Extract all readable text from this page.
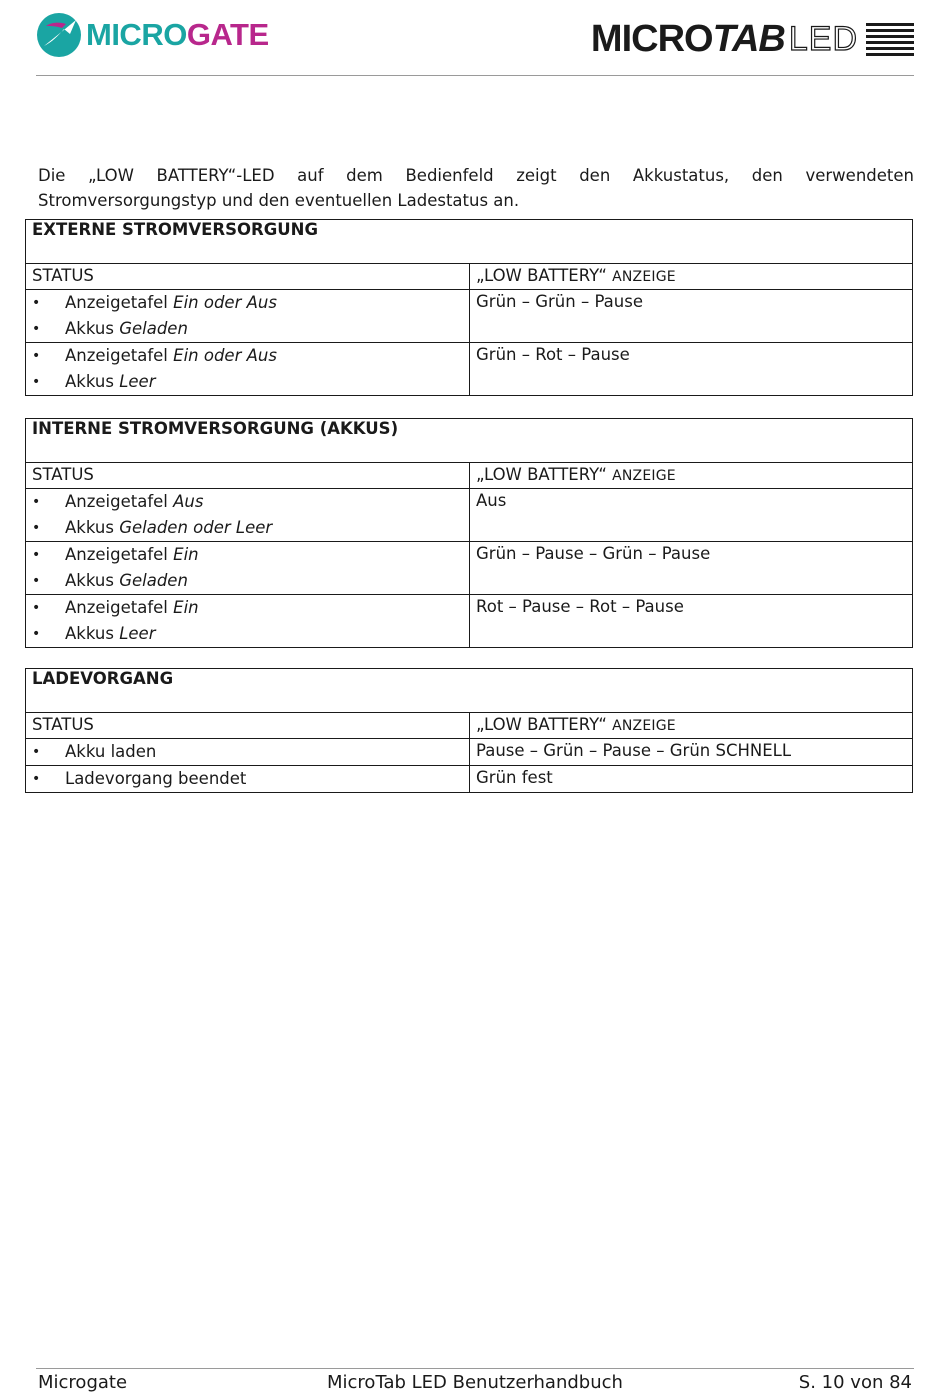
MICROGATE	MICRO TAB LED

Die „LOW BATTERY“-LED auf dem Bedienfeld zeigt den Akkustatus, den verwendeten Stromversorgungstyp und den eventuellen Ladestatus an.

EXTERNE STROMVERSORGUNG	
STATUS	„LOW BATTERY“ ANZEIGE

• Anzeigetafel Ein oder Aus
• Akkus Geladen	Grün – Grün – Pause

• Anzeigetafel Ein oder Aus
• Akkus Leer	Grün – Rot – Pause
INTERNE STROMVERSORGUNG (AKKUS)	
STATUS	„LOW BATTERY“ ANZEIGE

• Anzeigetafel Aus
• Akkus Geladen oder Leer	Aus

• Anzeigetafel Ein
• Akkus Geladen	Grün – Pause – Grün – Pause

• Anzeigetafel Ein
• Akkus Leer	Rot – Pause – Rot – Pause
LADEVORGANG	
STATUS	„LOW BATTERY“ ANZEIGE

• Akku laden	Pause – Grün – Pause – Grün SCHNELL

• Ladevorgang beendet	Grün fest
Microgate	MicroTab LED Benutzerhandbuch	S. 10 von 84
